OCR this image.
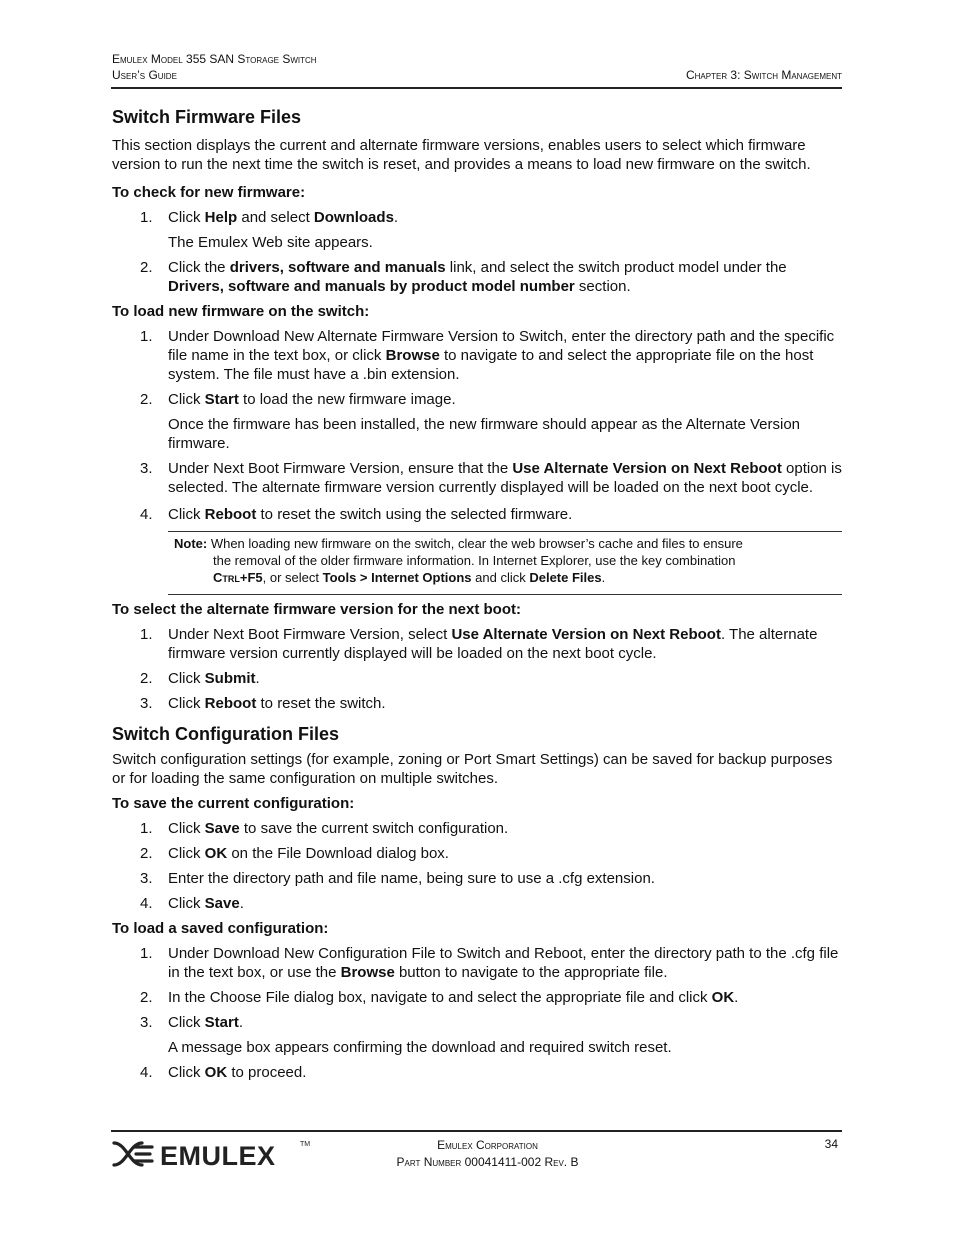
Emulex Model 355 SAN Storage Switch
User’s Guide	Chapter 3: Switch Management
Switch Firmware Files

This section displays the current and alternate firmware versions, enables users to select which firmware version to run the next time the switch is reset, and provides a means to load new firmware on the switch.

To check for new firmware:

1. Click Help and select Downloads.

The Emulex Web site appears.

2. Click the drivers, software and manuals link, and select the switch product model under the Drivers, software and manuals by product model number section.

To load new firmware on the switch:

1. Under Download New Alternate Firmware Version to Switch, enter the directory path and the specific file name in the text box, or click Browse to navigate to and select the appropriate file on the host system. The file must have a .bin extension.
2. Click Start to load the new firmware image.

Once the firmware has been installed, the new firmware should appear as the Alternate Version firmware.

3. Under Next Boot Firmware Version, ensure that the Use Alternate Version on Next Reboot option is selected. The alternate firmware version currently displayed will be loaded on the next boot cycle.
4. Click Reboot to reset the switch using the selected firmware.
Note: When loading new firmware on the switch, clear the web browser’s cache and files to ensure
the removal of the older firmware information. In Internet Explorer, use the key combination
Ctrl+F5, or select Tools > Internet Options and click Delete Files.

To select the alternate firmware version for the next boot:

1. Under Next Boot Firmware Version, select Use Alternate Version on Next Reboot. The alternate firmware version currently displayed will be loaded on the next boot cycle.
2. Click Submit.
3. Click Reboot to reset the switch.
Switch Configuration Files

Switch configuration settings (for example, zoning or Port Smart Settings) can be saved for backup purposes or for loading the same configuration on multiple switches.

To save the current configuration:

1. Click Save to save the current switch configuration.
2. Click OK on the File Download dialog box.
3. Enter the directory path and file name, being sure to use a .cfg extension.
4. Click Save.

To load a saved configuration:

1. Under Download New Configuration File to Switch and Reboot, enter the directory path to the .cfg file in the text box, or use the Browse button to navigate to the appropriate file.
2. In the Choose File dialog box, navigate to and select the appropriate file and click OK.
3. Click Start.

A message box appears confirming the download and required switch reset.

4. Click OK to proceed.
EMULEX	TM	Emulex Corporation
Part Number 00041411-002 Rev. B
34
